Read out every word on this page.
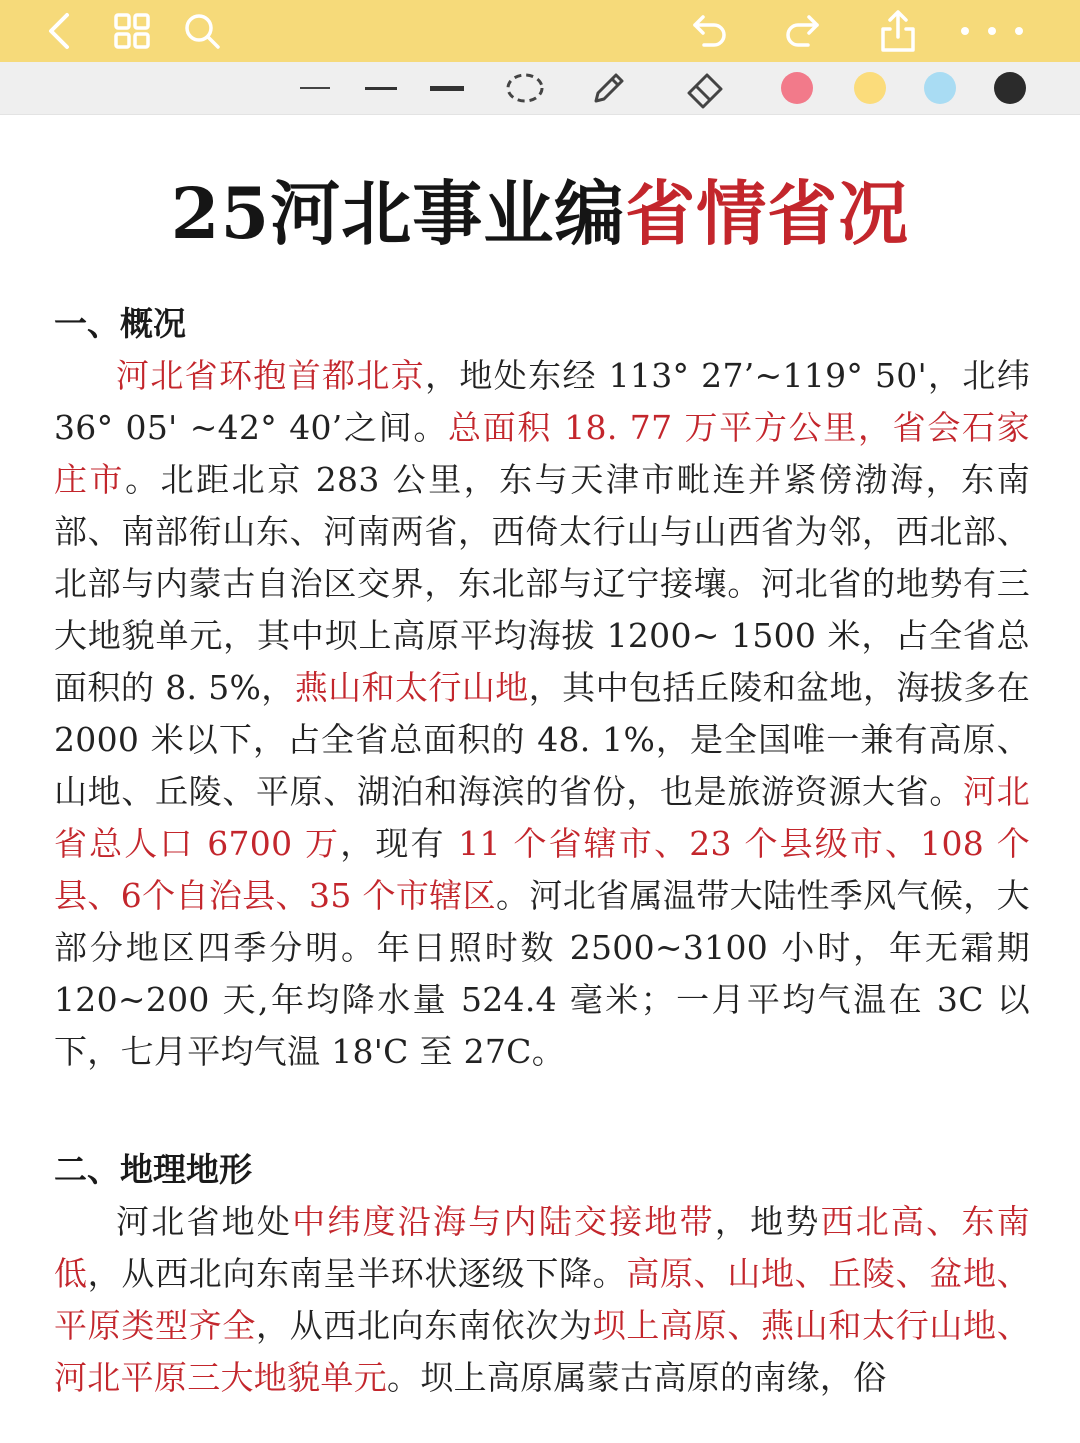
25河北事业编省情省况
一、概况
河北省环抱首都北京，地处东经 113° 27’~119° 50'，北纬 36° 05' ~42° 40’之间。总面积 18. 77 万平方公里，省会石家庄市。北距北京 283 公里，东与天津市毗连并紧傍渤海，东南部、南部衔山东、河南两省，西倚太行山与山西省为邻，西北部、北部与内蒙古自治区交界，东北部与辽宁接壤。河北省的地势有三大地貌单元，其中坝上高原平均海拔 1200~ 1500 米，占全省总面积的 8. 5%，燕山和太行山地，其中包括丘陵和盆地，海拔多在 2000 米以下，占全省总面积的 48. 1%，是全国唯一兼有高原、 山地、丘陵、平原、湖泊和海滨的省份，也是旅游资源大省。河北省总人口 6700 万，现有 11 个省辖市、23 个县级市、108 个县、6个自治县、35 个市辖区。河北省属温带大陆性季风气候，大部分地区四季分明。年日照时数 2500~3100 小时，年无霜期 120~200 天,年均降水量 524.4 毫米；一月平均气温在 3C 以下，七月平均气温 18'C 至 27C。
二、地理地形
河北省地处中纬度沿海与内陆交接地带，地势西北高、东南低，从西北向东南呈半环状逐级下降。高原、山地、丘陵、盆地、平原类型齐全，从西北向东南依次为坝上高原、燕山和太行山地、河北平原三大地貌单元。坝上高原属蒙古高原的南缘，俗
